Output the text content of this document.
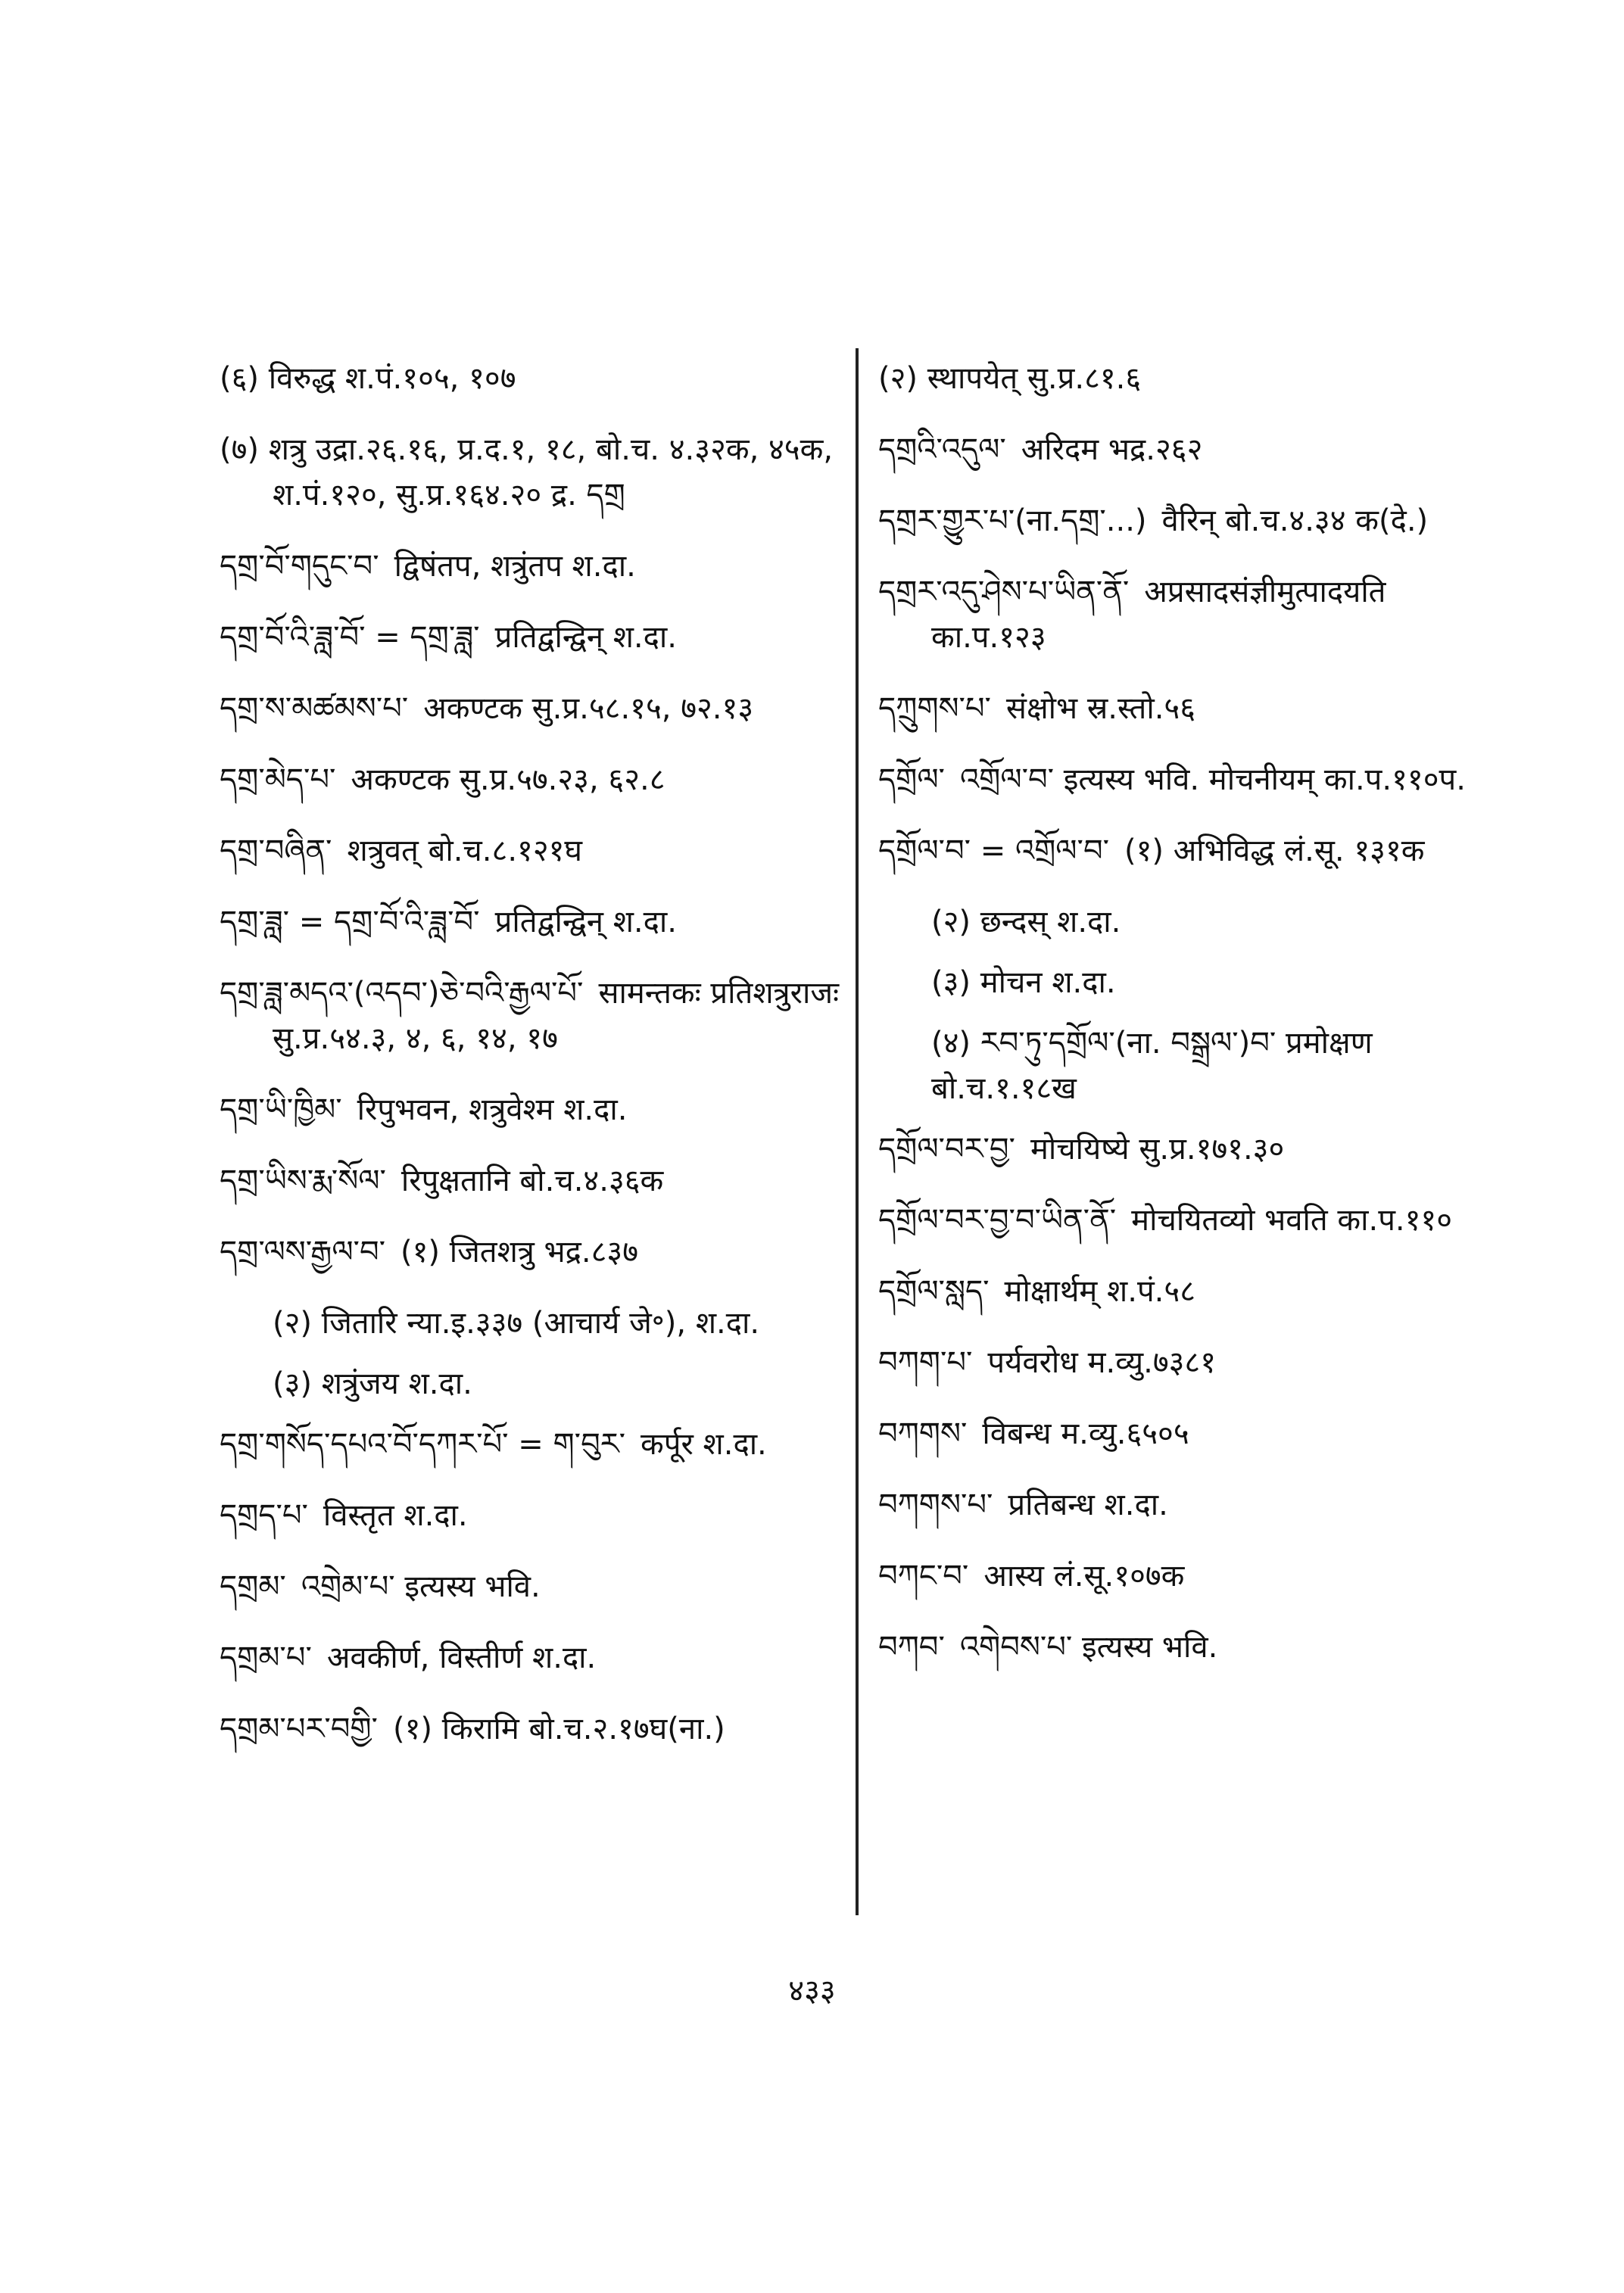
(६) विरुद्ध श.पं.१०५, १०७
(७) शत्रु उद्रा.२६.१६, प्र.द.१, १८, बो.च. ४.३२क, ४५क, श.पं.१२०, सु.प्र.१६४.२० द्र. དགྲ
དགྲ་བོ་གདུང་བ་ द्विषंतप, शत्रुंतप श.दा.
དགྲ་བོ་འི་ཟླ་བོ་ = དགྲ་ཟླ་ प्रतिद्वन्द्विन् श.दा.
དགྲ་ས་མཚམས་པ་ अकण्टक सु.प्र.५८.१५, ७२.१३
དགྲ་མེད་པ་ अकण्टक सु.प्र.५७.२३, ६२.८
དགྲ་བཞིན་ शत्रुवत् बो.च.८.१२१घ
དགྲ་ཟླ་ = དགྲ་བོ་འི་ཟླ་བོ་ प्रतिद्वन्द्विन् श.दा.
དགྲ་ཟླ་མདའ་(འདབ་)ཅེ་བའི་རྒྱལ་པོ་ सामन्तकः प्रतिशत्रुराजः सु.प्र.५४.३, ४, ६, १४, १७
དགྲ་ཡི་ཁྱིམ་ रिपुभवन, शत्रुवेश्म श.दा.
དགྲ་ཡིས་རྨ་སོལ་ रिपुक्षतानि बो.च.४.३६क
དགྲ་ལས་རྒྱལ་བ་ (१) जितशत्रु भद्र.८३७
(२) जितारि न्या.इ.३३७ (आचार्य जे॰), श.दा.
(३) शत्रुंजय श.दा.
དགྲ་གསོད་དཔའ་བོ་དཀར་པོ་ = ག་བུར་ कर्पूर श.दा.
དགྲད་པ་ विस्तृत श.दा.
དགྲམ་ འགྲེམ་པ་ इत्यस्य भवि.
དགྲམ་པ་ अवकीर्ण, विस्तीर्ण श.दा.
དགྲམ་པར་བགྱི་ (१) किरामि बो.च.२.१७घ(ना.)
(२) स्थापयेत् सु.प्र.८१.६
དགྲའི་འདུལ་ अरिदम भद्र.२६२
དགྲར་གྱུར་པ་(ना.དགྲ་...) वैरिन् बो.च.४.३४ क(दे.)
དགྲར་འདུ་ཤེས་པ་ཡིན་ནོ་ अप्रसादसंज्ञीमुत्पादयति का.प.१२३
དཀྲུགས་པ་ संक्षोभ स्र.स्तो.५६
དགྲོལ་ འགྲོལ་བ་ इत्यस्य भवि. मोचनीयम् का.प.११०प.
དགྲོལ་བ་ = འགྲོལ་བ་ (१) अभिविद्ध लं.सू. १३१क
(२) छन्दस् श.दा.
(३) मोचन श.दा.
(४) རབ་ཏུ་དགྲོལ་(ना. བསྒྲལ་)བ་ प्रमोक्षण बो.च.१.१८ख
དགྲོལ་བར་བྱ་ मोचयिष्ये सु.प्र.१७१.३०
དགྲོལ་བར་བྱ་བ་ཡིན་ནོ་ मोचयितव्यो भवति का.प.११०
དགྲོལ་སླད་ मोक्षार्थम् श.पं.५८
བཀག་པ་ पर्यवरोध म.व्यु.७३८१
བཀགས་ विबन्ध म.व्यु.६५०५
བཀགས་པ་ प्रतिबन्ध श.दा.
བཀང་བ་ आस्य लं.सू.१०७क
བཀབ་ འགེབས་པ་ इत्यस्य भवि.
४३३
